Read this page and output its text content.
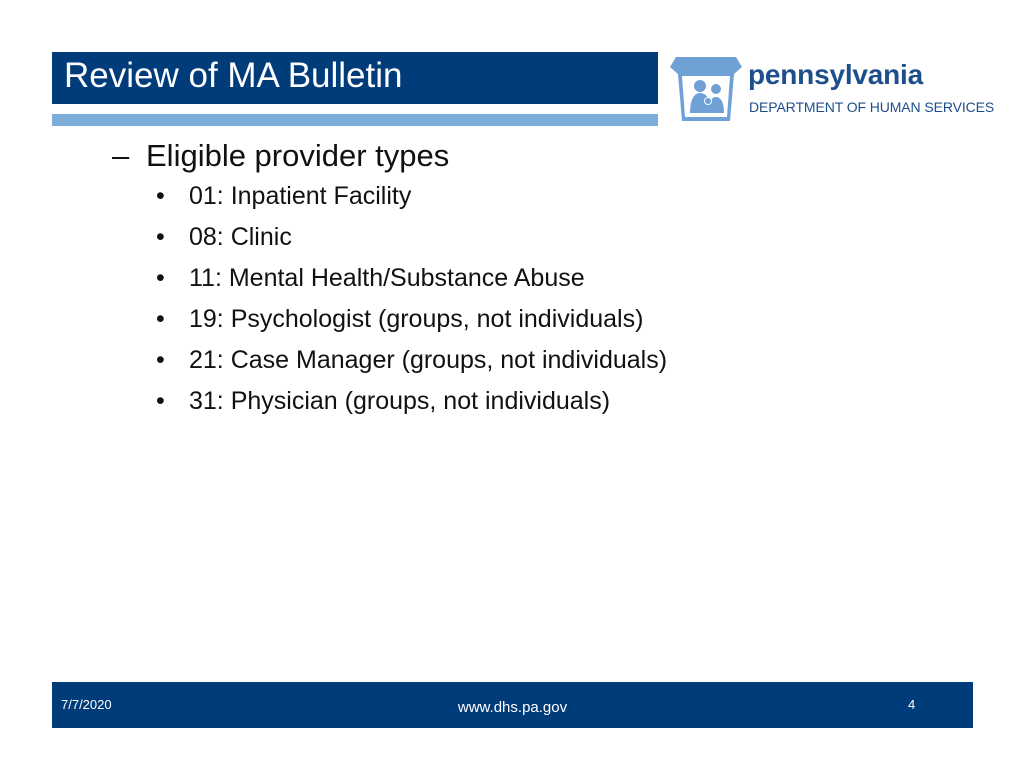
Review of MA Bulletin	pennsylvania
DEPARTMENT OF HUMAN SERVICES
– Eligible provider types
• 01: Inpatient Facility
• 08: Clinic
• 11: Mental Health/Substance Abuse
• 19: Psychologist (groups, not individuals)
• 21: Case Manager (groups, not individuals)
• 31: Physician (groups, not individuals)
7/7/2020	www.dhs.pa.gov	4
